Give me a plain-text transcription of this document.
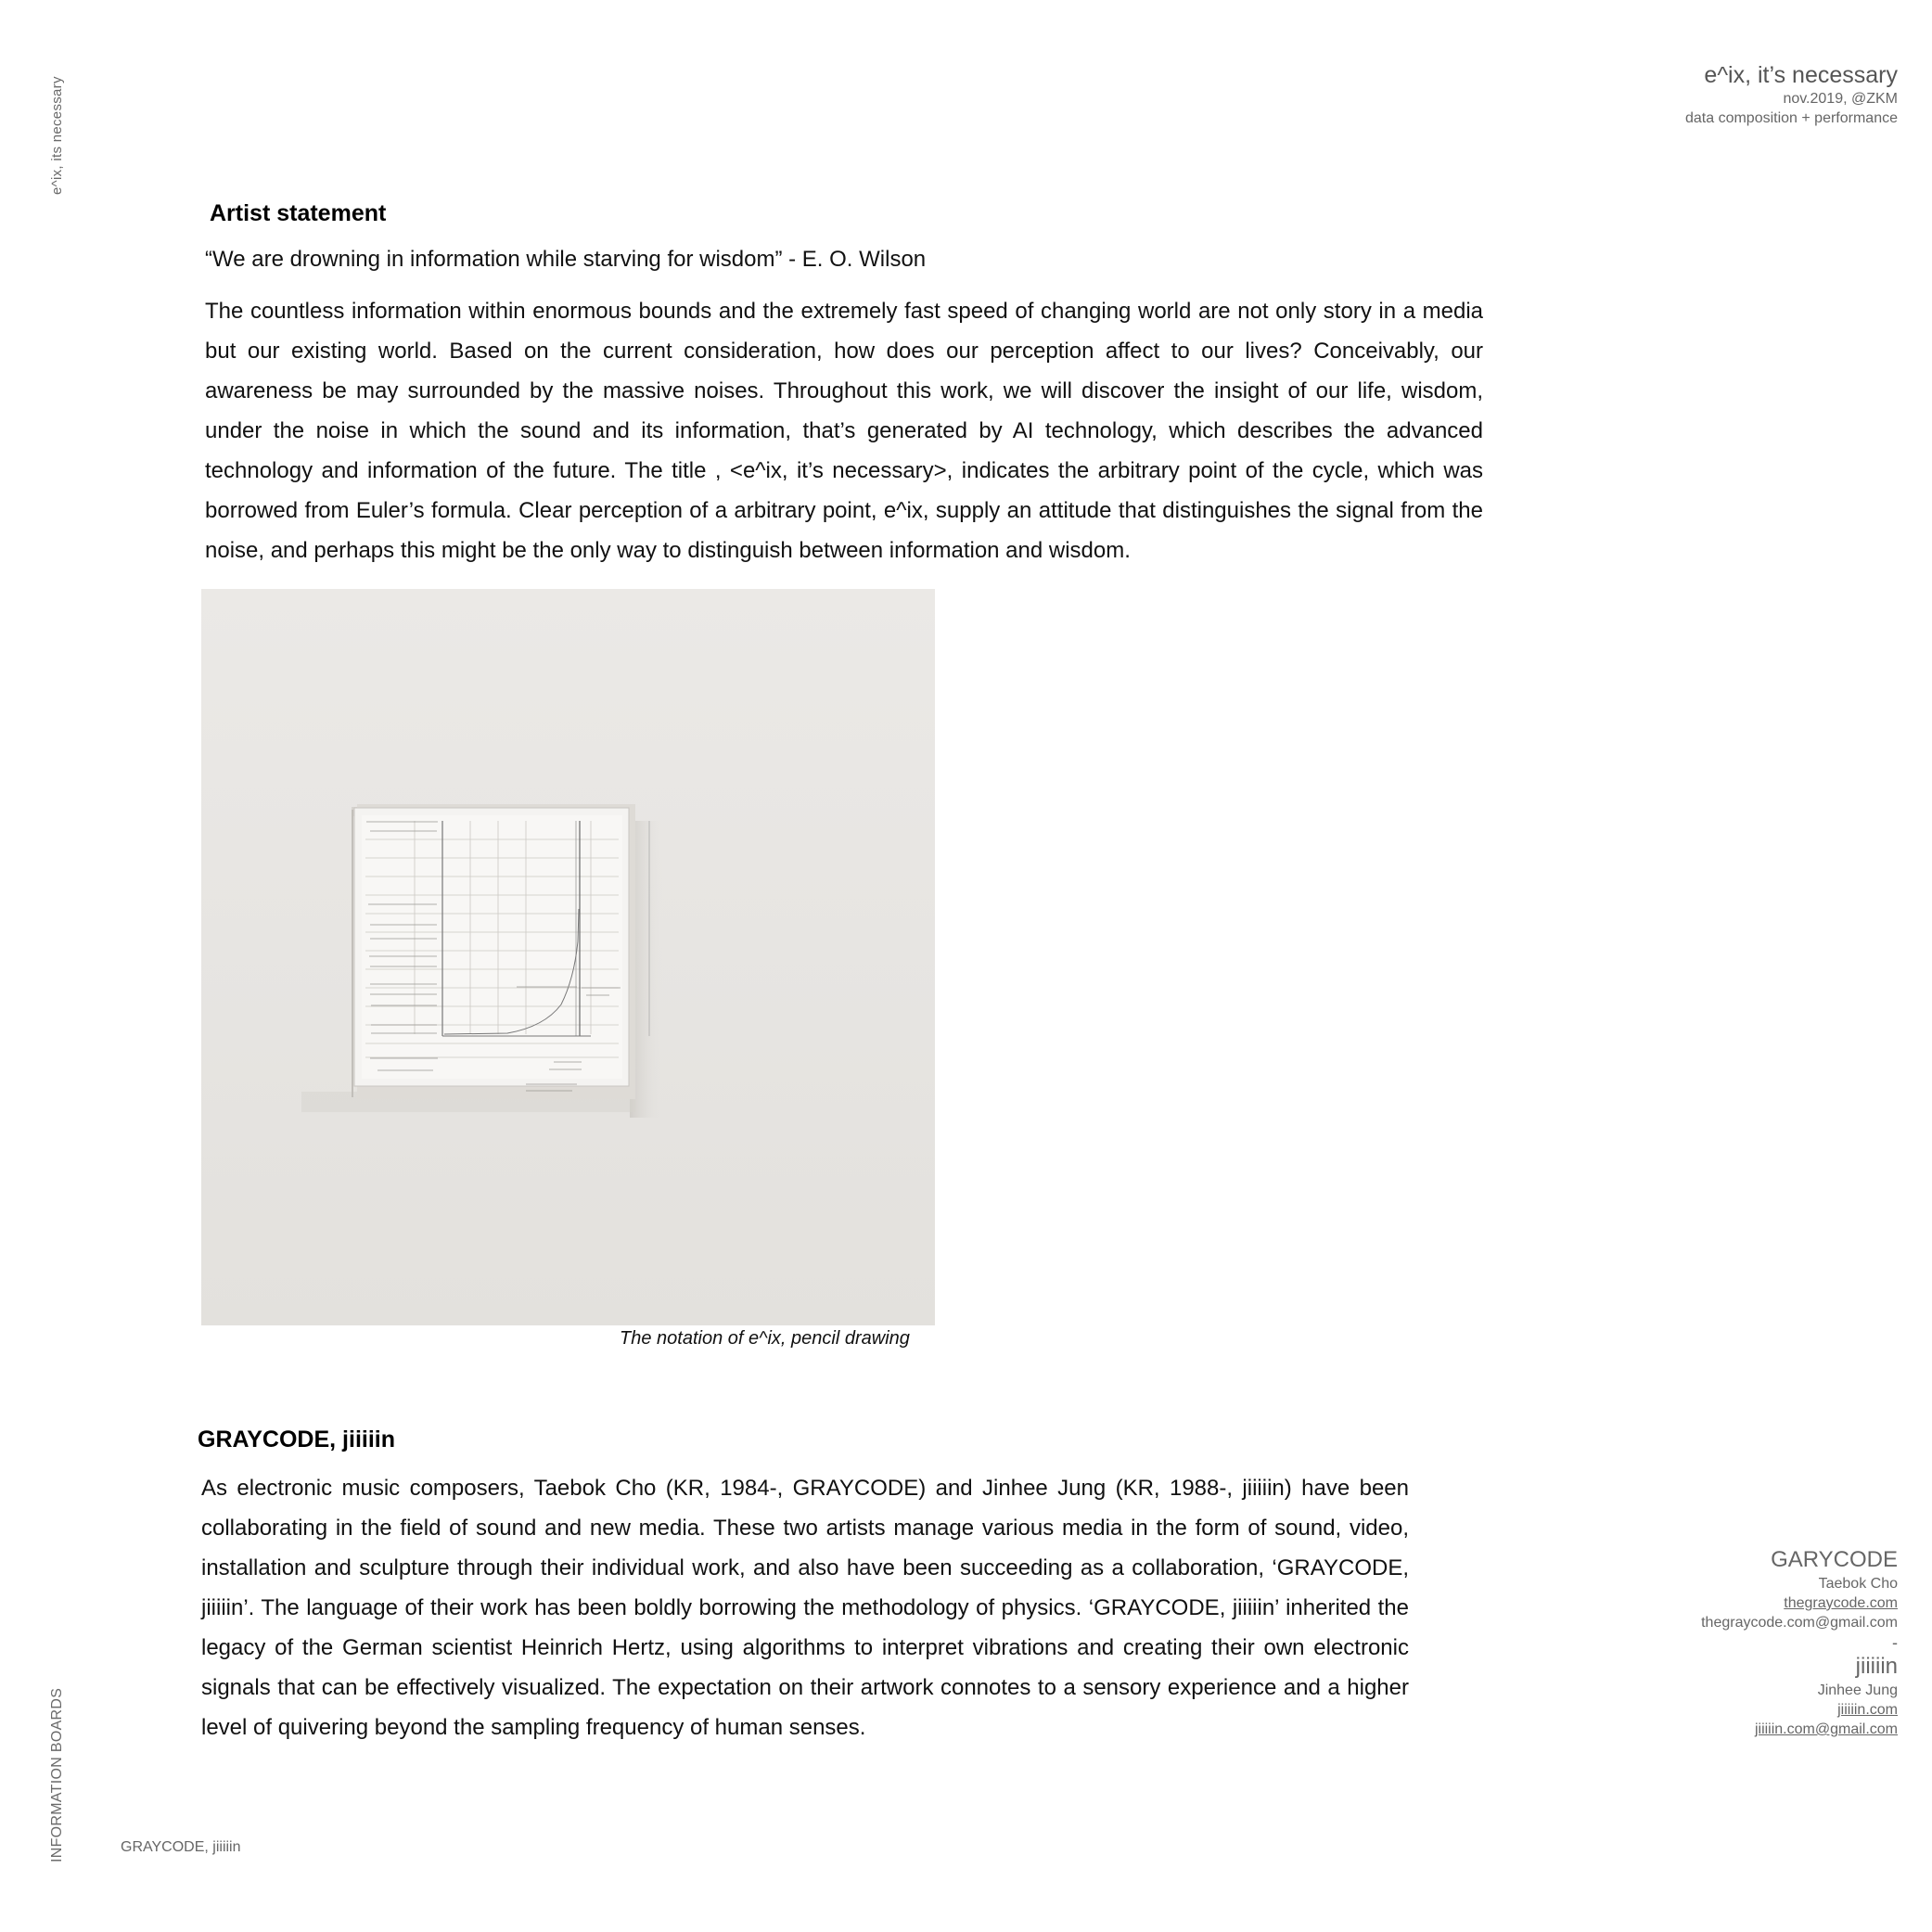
e^ix, its necessary
INFORMATION BOARDS
e^ix, it’s necessary
nov.2019, @ZKM
data composition + performance
Artist statement
“We are drowning in information while starving for wisdom” - E. O. Wilson
The countless information within enormous bounds and the extremely fast speed of changing world are not only story in a media but our existing world. Based on the current consideration, how does our perception affect to our lives? Conceivably, our awareness be may surrounded by the massive noises. Throughout this work, we will discover the insight of our life, wisdom, under the noise in which the sound and its information, that’s generated by AI technology, which describes the advanced technology and information of the future. The title , <e^ix, it’s necessary>, indicates the arbitrary point of the cycle, which was borrowed from Euler’s formula. Clear perception of a arbitrary point, e^ix, supply an attitude that distinguishes the signal from the noise, and perhaps this might be the only way to distinguish between information and wisdom.
The notation of e^ix, pencil drawing
GRAYCODE, jiiiiin
As electronic music composers, Taebok Cho (KR, 1984-, GRAYCODE) and Jinhee Jung (KR, 1988-, jiiiiin) have been collaborating in the field of sound and new media. These two artists manage various media in the form of sound, video, installation and sculpture through their individual work, and also have been succeeding as a collaboration, ‘GRAYCODE, jiiiiin’. The language of their work has been boldly borrowing the methodology of physics. ‘GRAYCODE, jiiiiin’ inherited the legacy of the German scientist Heinrich Hertz, using algorithms to interpret vibrations and creating their own electronic signals that can be effectively visualized. The expectation on their artwork connotes to a sensory experience and a higher level of quivering beyond the sampling frequency of human senses.
GARYCODE
Taebok Cho
thegraycode.com
thegraycode.com@gmail.com
-
jiiiiin
Jinhee Jung
jiiiiin.com
jiiiiin.com@gmail.com
GRAYCODE, jiiiiin
